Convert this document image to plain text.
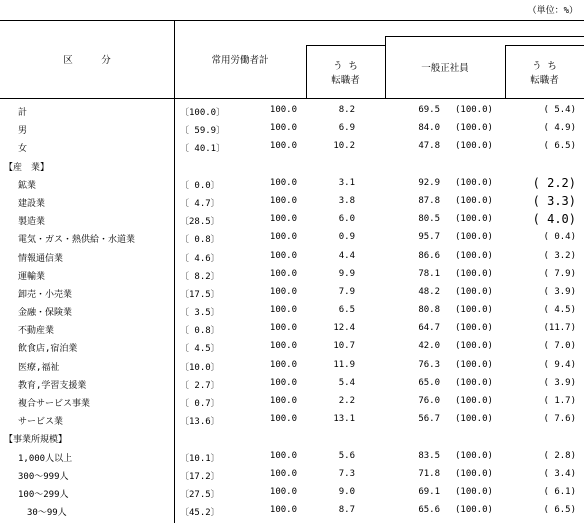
（単位：%）
区　　　分	常用労働者計
う ち
転職者
一般正社員	う ち
転職者
計	〔100.0〕	100.0	8.2	69.5 (100.0)	( 5.4)
男	〔 59.9〕	100.0	6.9	84.0 (100.0)	( 4.9)
女	〔 40.1〕	100.0	10.2	47.8 (100.0)	( 6.5)
【産　業】
鉱業	〔 0.0〕	100.0	3.1	92.9 (100.0)	( 2.2)
建設業	〔 4.7〕	100.0	3.8	87.8 (100.0)	( 3.3)
製造業	〔28.5〕	100.0	6.0	80.5 (100.0)	( 4.0)
電気・ガス・熱供給・水道業	〔 0.8〕	100.0	0.9	95.7 (100.0)	( 0.4)
情報通信業	〔 4.6〕	100.0	4.4	86.6 (100.0)	( 3.2)
運輸業	〔 8.2〕	100.0	9.9	78.1 (100.0)	( 7.9)
卸売・小売業	〔17.5〕	100.0	7.9	48.2 (100.0)	( 3.9)
金融・保険業	〔 3.5〕	100.0	6.5	80.8 (100.0)	( 4.5)
不動産業	〔 0.8〕	100.0	12.4	64.7 (100.0)	(11.7)
飲食店,宿泊業	〔 4.5〕	100.0	10.7	42.0 (100.0)	( 7.0)
医療,福祉	〔10.0〕	100.0	11.9	76.3 (100.0)	( 9.4)
教育,学習支援業	〔 2.7〕	100.0	5.4	65.0 (100.0)	( 3.9)
複合サービス事業	〔 0.7〕	100.0	2.2	76.0 (100.0)	( 1.7)
サービス業	〔13.6〕	100.0	13.1	56.7 (100.0)	( 7.6)
【事業所規模】
1,000人以上	〔10.1〕	100.0	5.6	83.5 (100.0)	( 2.8)
300～999人	〔17.2〕	100.0	7.3	71.8 (100.0)	( 3.4)
100～299人	〔27.5〕	100.0	9.0	69.1 (100.0)	( 6.1)
　30～99人	〔45.2〕	100.0	8.7	65.6 (100.0)	( 6.5)
